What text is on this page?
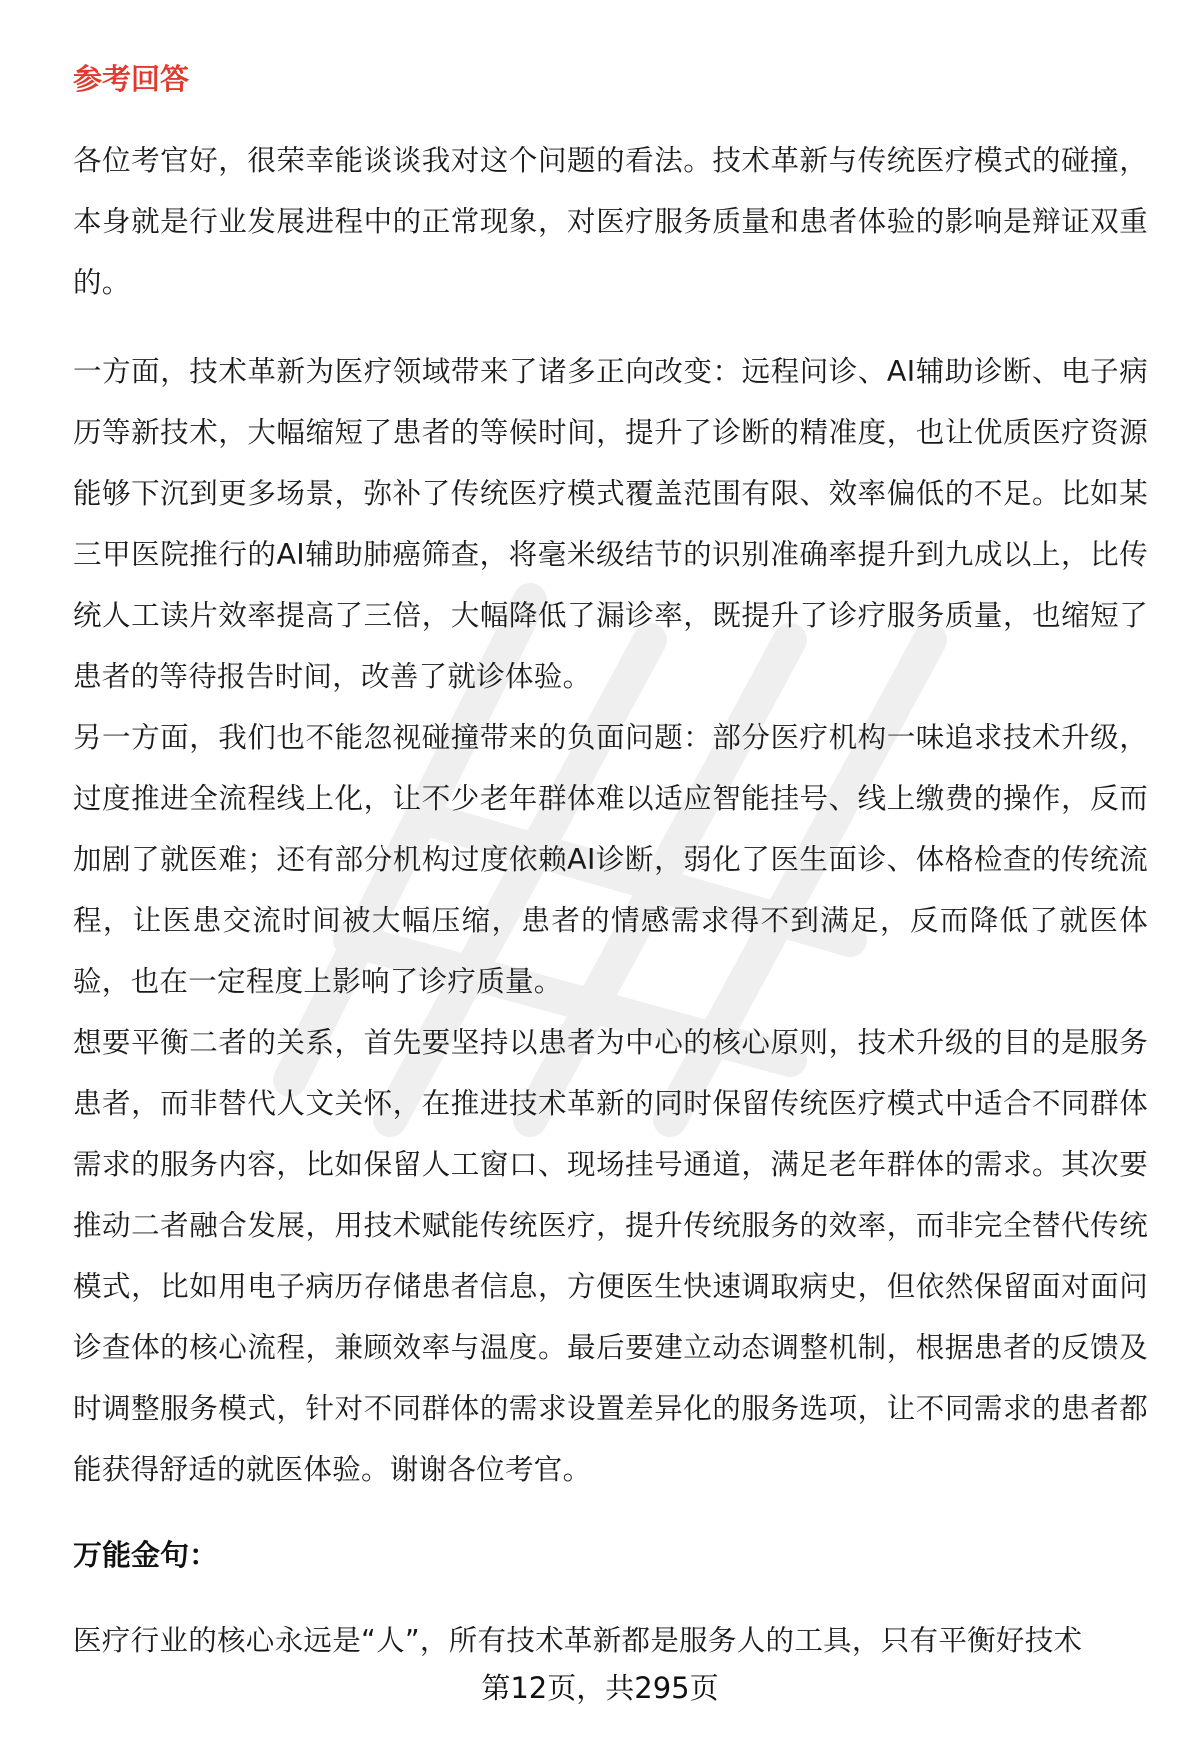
参考回答

各位考官好，很荣幸能谈谈我对这个问题的看法。技术革新与传统医疗模式的碰撞，本身就是行业发展进程中的正常现象，对医疗服务质量和患者体验的影响是辩证双重的。

一方面，技术革新为医疗领域带来了诸多正向改变：远程问诊、AI辅助诊断、电子病历等新技术，大幅缩短了患者的等候时间，提升了诊断的精准度，也让优质医疗资源能够下沉到更多场景，弥补了传统医疗模式覆盖范围有限、效率偏低的不足。比如某三甲医院推行的AI辅助肺癌筛查，将毫米级结节的识别准确率提升到九成以上，比传统人工读片效率提高了三倍，大幅降低了漏诊率，既提升了诊疗服务质量，也缩短了患者的等待报告时间，改善了就诊体验。

另一方面，我们也不能忽视碰撞带来的负面问题：部分医疗机构一味追求技术升级，过度推进全流程线上化，让不少老年群体难以适应智能挂号、线上缴费的操作，反而加剧了就医难；还有部分机构过度依赖AI诊断，弱化了医生面诊、体格检查的传统流程，让医患交流时间被大幅压缩，患者的情感需求得不到满足，反而降低了就医体验，也在一定程度上影响了诊疗质量。

想要平衡二者的关系，首先要坚持以患者为中心的核心原则，技术升级的目的是服务患者，而非替代人文关怀，在推进技术革新的同时保留传统医疗模式中适合不同群体需求的服务内容，比如保留人工窗口、现场挂号通道，满足老年群体的需求。其次要推动二者融合发展，用技术赋能传统医疗，提升传统服务的效率，而非完全替代传统模式，比如用电子病历存储患者信息，方便医生快速调取病史，但依然保留面对面问诊查体的核心流程，兼顾效率与温度。最后要建立动态调整机制，根据患者的反馈及时调整服务模式，针对不同群体的需求设置差异化的服务选项，让不同需求的患者都能获得舒适的就医体验。谢谢各位考官。

万能金句：

医疗行业的核心永远是“人”，所有技术革新都是服务人的工具，只有平衡好技术

第12页，共295页
